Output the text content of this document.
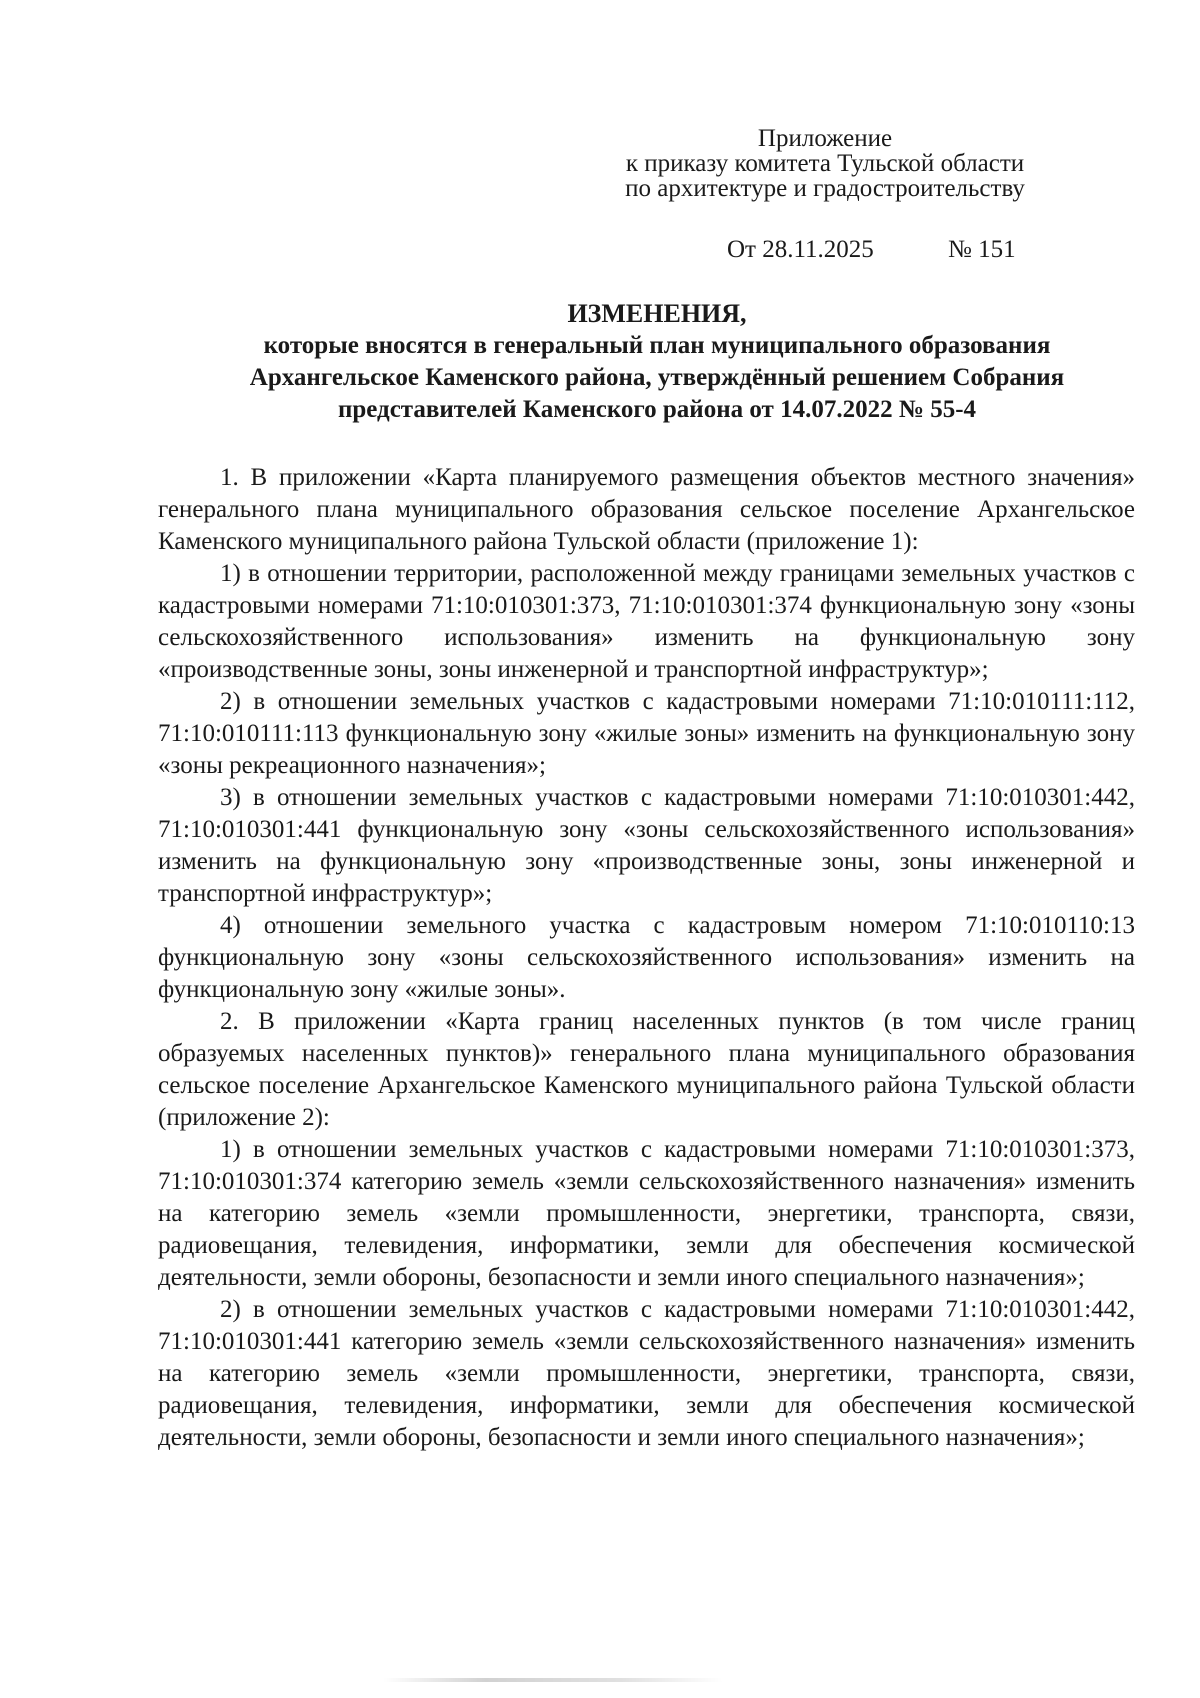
Приложение
к приказу комитета Тульской области
по архитектуре и градостроительству
От 28.11.2025	№ 151
ИЗМЕНЕНИЯ,
которые вносятся в генеральный план муниципального образования
Архангельское Каменского района, утверждённый решением Собрания
представителей Каменского района от 14.07.2022 № 55-4

1. В приложении «Карта планируемого размещения объектов местного значения» генерального плана муниципального образования сельское поселение Архангельское Каменского муниципального района Тульской области (приложение 1):

1) в отношении территории, расположенной между границами земельных участков с кадастровыми номерами 71:10:010301:373, 71:10:010301:374 функциональную зону «зоны сельскохозяйственного использования» изменить на функциональную зону «производственные зоны, зоны инженерной и транспортной инфраструктур»;

2) в отношении земельных участков с кадастровыми номерами 71:10:010111:112, 71:10:010111:113 функциональную зону «жилые зоны» изменить на функциональную зону «зоны рекреационного назначения»;

3) в отношении земельных участков с кадастровыми номерами 71:10:010301:442, 71:10:010301:441 функциональную зону «зоны сельскохозяйственного использования» изменить на функциональную зону «производственные зоны, зоны инженерной и транспортной инфраструктур»;

4) отношении земельного участка с кадастровым номером 71:10:010110:13 функциональную зону «зоны сельскохозяйственного использования» изменить на функциональную зону «жилые зоны».

2. В приложении «Карта границ населенных пунктов (в том числе границ образуемых населенных пунктов)» генерального плана муниципального образования сельское поселение Архангельское Каменского муниципального района Тульской области (приложение 2):

1) в отношении земельных участков с кадастровыми номерами 71:10:010301:373, 71:10:010301:374 категорию земель «земли сельскохозяйственного назначения» изменить на категорию земель «земли промышленности, энергетики, транспорта, связи, радиовещания, телевидения, информатики, земли для обеспечения космической деятельности, земли обороны, безопасности и земли иного специального назначения»;

2) в отношении земельных участков с кадастровыми номерами 71:10:010301:442, 71:10:010301:441 категорию земель «земли сельскохозяйственного назначения» изменить на категорию земель «земли промышленности, энергетики, транспорта, связи, радиовещания, телевидения, информатики, земли для обеспечения космической деятельности, земли обороны, безопасности и земли иного специального назначения»;
